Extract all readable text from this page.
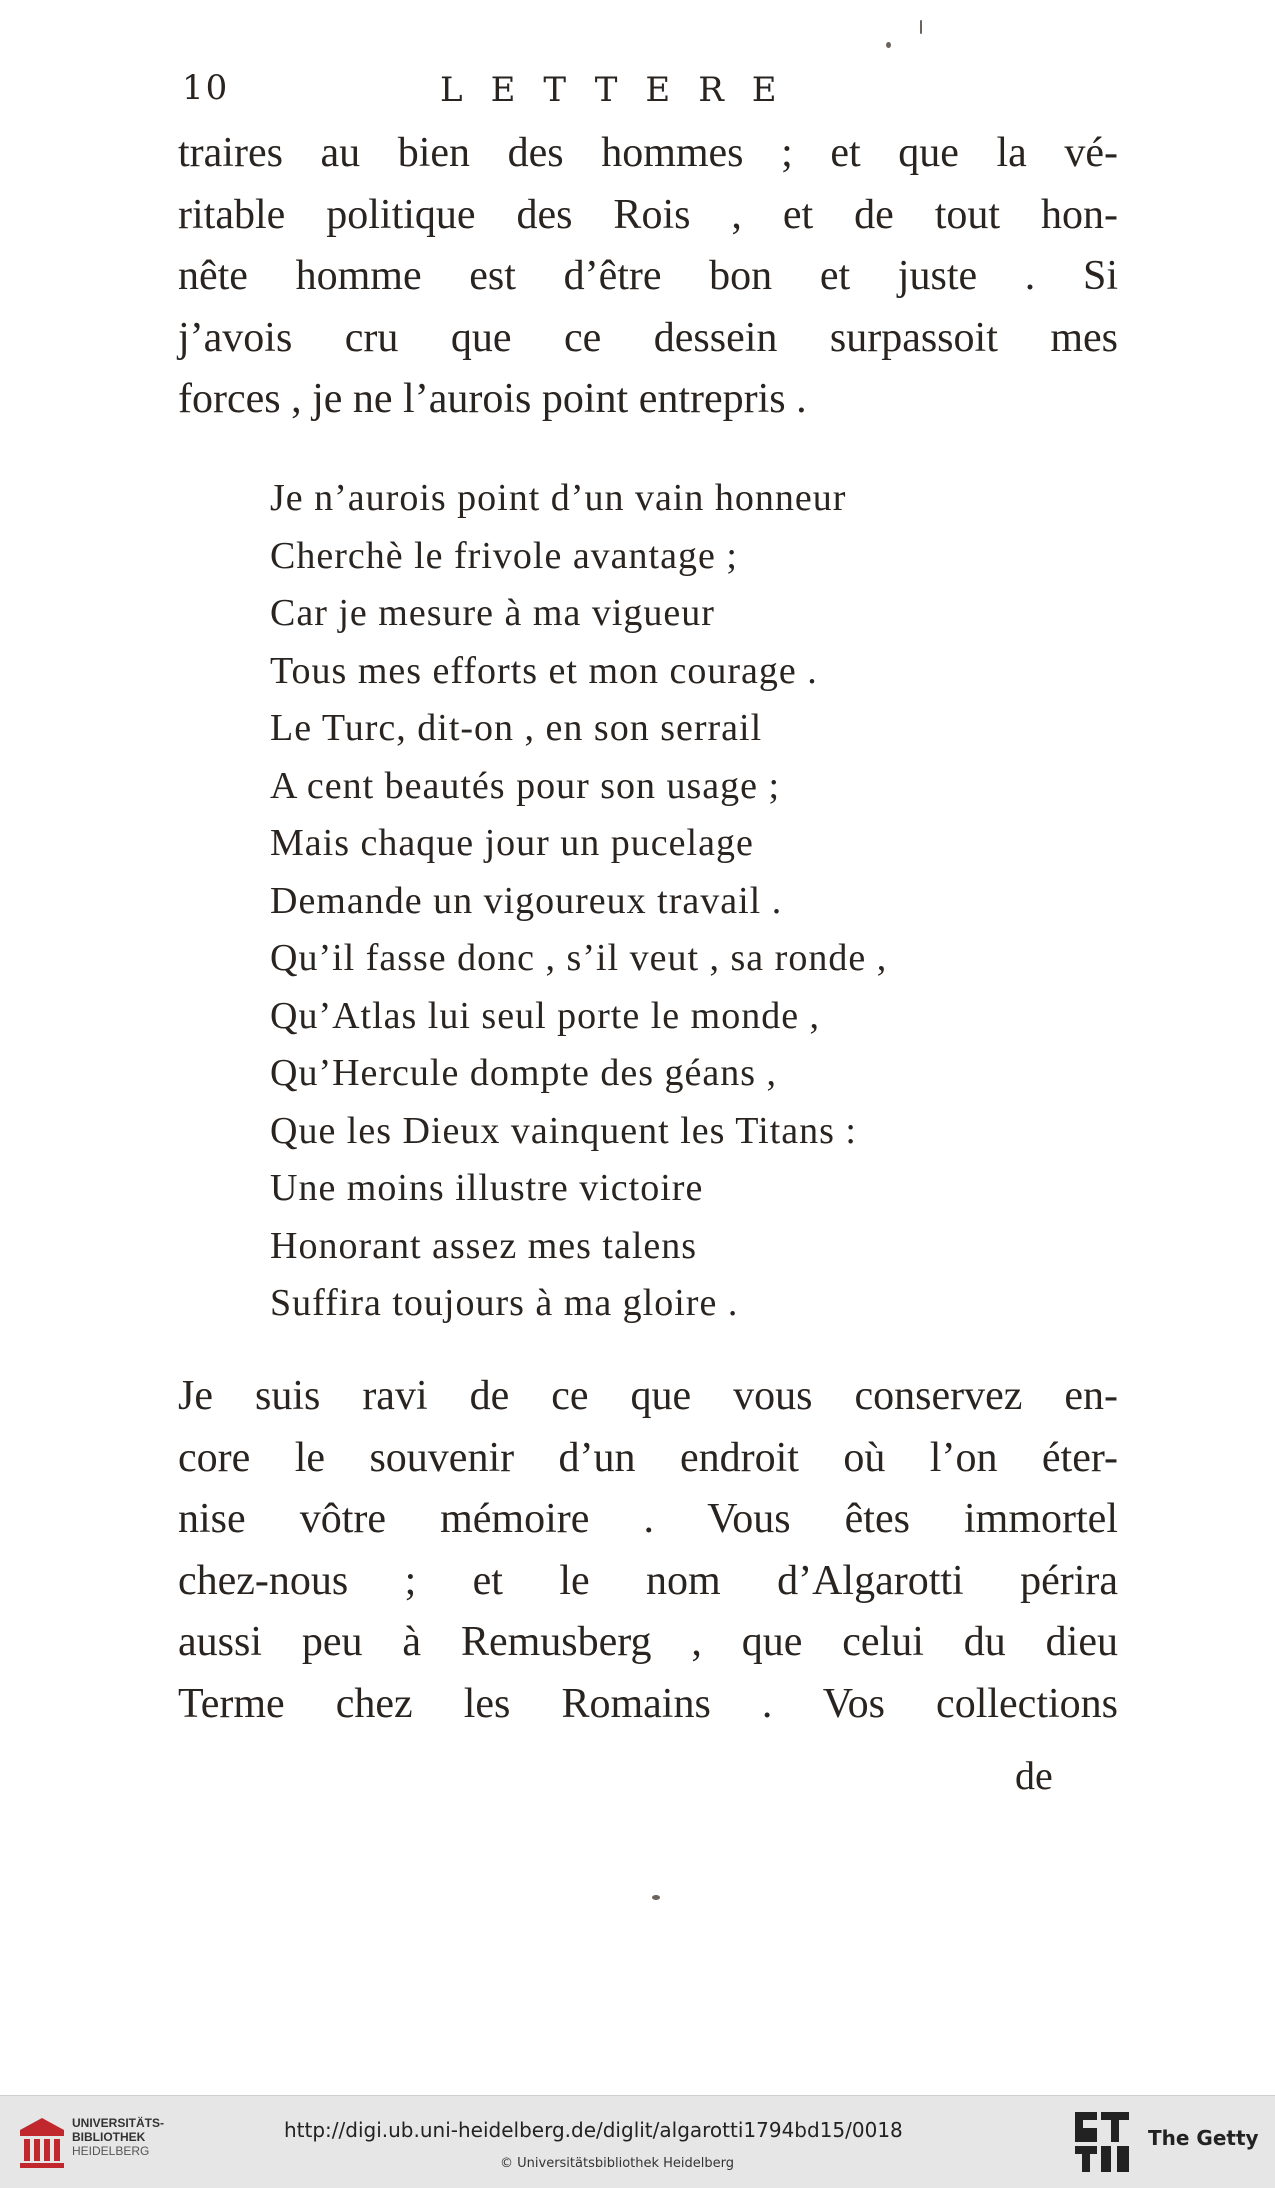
10	LETTERE
traires au bien des hommes ; et que la vé-
ritable politique des Rois , et de tout hon-
nête homme est d’être bon et juste . Si
j’avois cru que ce dessein surpassoit mes
forces , je ne l’aurois point entrepris .
Je n’aurois point d’un vain honneur
Cherchè le frivole avantage ;
Car je mesure à ma vigueur
Tous mes efforts et mon courage .
Le Turc, dit-on , en son serrail
A cent beautés pour son usage ;
Mais chaque jour un pucelage
Demande un vigoureux travail .
Qu’il fasse donc , s’il veut , sa ronde ,
Qu’Atlas lui seul porte le monde ,
Qu’Hercule dompte des géans ,
Que les Dieux vainquent les Titans :
Une moins illustre victoire
Honorant assez mes talens
Suffira toujours à ma gloire .
Je suis ravi de ce que vous conservez en-
core le souvenir d’un endroit où l’on éter-
nise vôtre mémoire . Vous êtes immortel
chez-nous ; et le nom d’Algarotti périra
aussi peu à Remusberg , que celui du dieu
Terme chez les Romains . Vos collections
de
UNIVERSITÄTS-
BIBLIOTHEK
HEIDELBERG
http://digi.ub.uni-heidelberg.de/diglit/algarotti1794bd15/0018
© Universitätsbibliothek Heidelberg
The Getty
